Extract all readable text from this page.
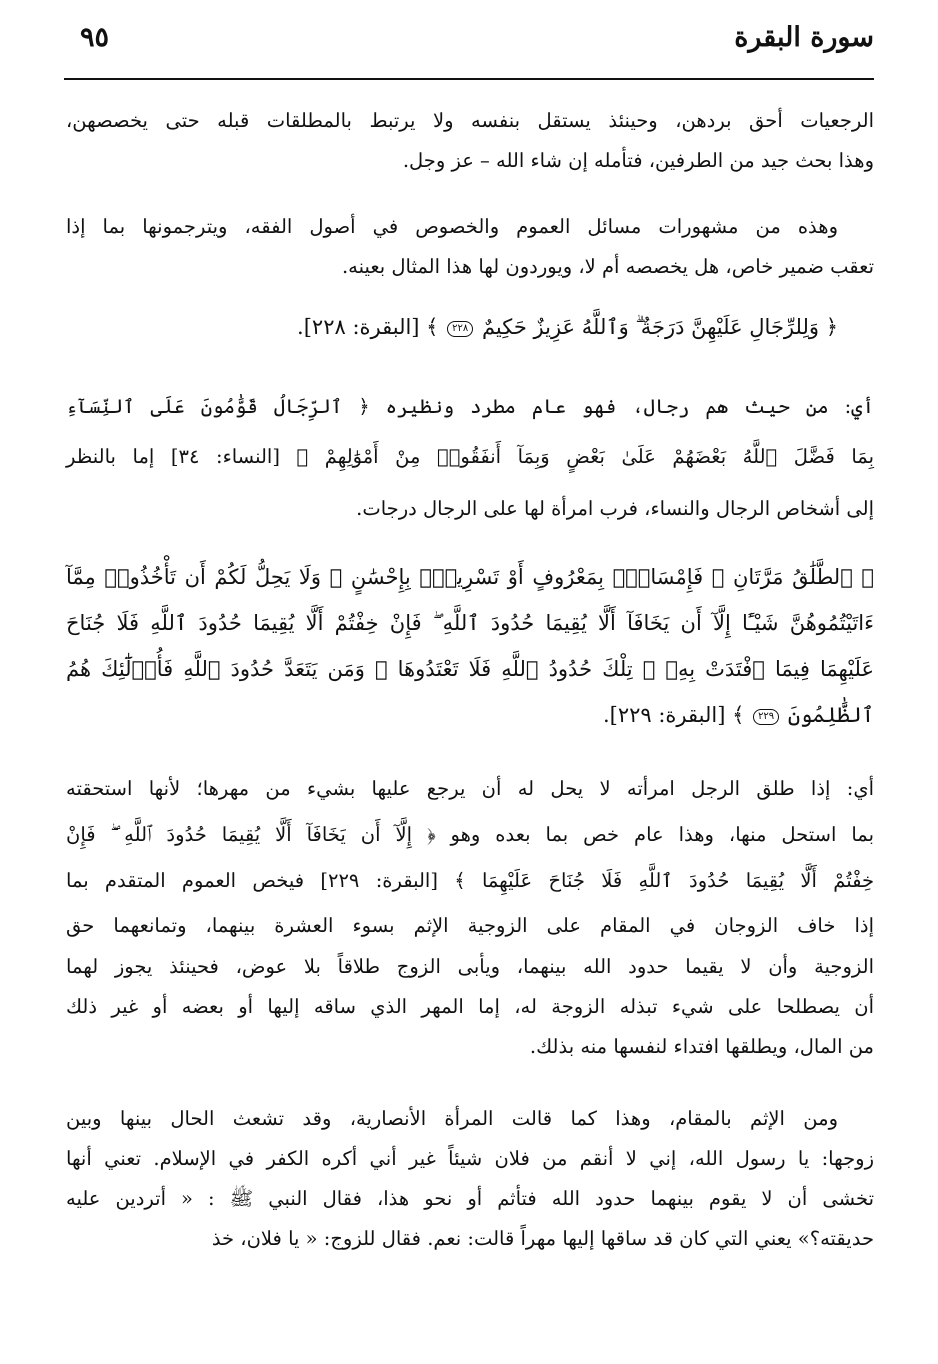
سورة البقرة
٩٥
الرجعيات أحق بردهن، وحينئذ يستقل بنفسه ولا يرتبط بالمطلقات قبله حتى يخصصهن،
وهذا بحث جيد من الطرفين، فتأمله إن شاء الله – عز وجل.
وهذه من مشهورات مسائل العموم والخصوص في أصول الفقه، ويترجمونها بما إذا
تعقب ضمير خاص، هل يخصصه أم لا، ويوردون لها هذا المثال بعينه.
﴿ وَلِلرِّجَالِ عَلَيْهِنَّ دَرَجَةٌ ۗ وَٱللَّهُ عَزِيزٌ حَكِيمٌ ٢٢٨ ﴾ [البقرة: ٢٢٨].
أي: من حيث هم رجال، فهو عام مطرد ونظيره ﴿ ٱلرِّجَالُ قَوَّٰمُونَ عَلَى ٱلنِّسَآءِ
بِمَا فَضَّلَ ٱللَّهُ بَعْضَهُمْ عَلَىٰ بَعْضٍ وَبِمَآ أَنفَقُوا۟ مِنْ أَمْوَٰلِهِمْ ﴾ [النساء: ٣٤] إما بالنظر
إلى أشخاص الرجال والنساء، فرب امرأة لها على الرجال درجات.
﴿ ٱلطَّلَٰقُ مَرَّتَانِ ۖ فَإِمْسَاكٌۢ بِمَعْرُوفٍ أَوْ تَسْرِيحٌۢ بِإِحْسَٰنٍ ۗ وَلَا يَحِلُّ لَكُمْ أَن تَأْخُذُوا۟ مِمَّآ
ءَاتَيْتُمُوهُنَّ شَيْـًٔا إِلَّآ أَن يَخَافَآ أَلَّا يُقِيمَا حُدُودَ ٱللَّهِ ۖ فَإِنْ خِفْتُمْ أَلَّا يُقِيمَا حُدُودَ ٱللَّهِ فَلَا جُنَاحَ
عَلَيْهِمَا فِيمَا ٱفْتَدَتْ بِهِۦ ۗ تِلْكَ حُدُودُ ٱللَّهِ فَلَا تَعْتَدُوهَا ۚ وَمَن يَتَعَدَّ حُدُودَ ٱللَّهِ فَأُو۟لَٰٓئِكَ هُمُ
ٱلظَّٰلِمُونَ ٢٢٩ ﴾ [البقرة: ٢٢٩].
أي: إذا طلق الرجل امرأته لا يحل له أن يرجع عليها بشيء من مهرها؛ لأنها استحقته
بما استحل منها، وهذا عام خص بما بعده وهو ﴿ إِلَّآ أَن يَخَافَآ أَلَّا يُقِيمَا حُدُودَ ٱللَّهِ ۖ فَإِنْ
خِفْتُمْ أَلَّا يُقِيمَا حُدُودَ ٱللَّهِ فَلَا جُنَاحَ عَلَيْهِمَا ﴾ [البقرة: ٢٢٩] فيخص العموم المتقدم بما
إذا خاف الزوجان في المقام على الزوجية الإثم بسوء العشرة بينهما، وتمانعهما حق
الزوجية وأن لا يقيما حدود الله بينهما، ويأبى الزوج طلاقاً بلا عوض، فحينئذ يجوز لهما
أن يصطلحا على شيء تبذله الزوجة له، إما المهر الذي ساقه إليها أو بعضه أو غير ذلك
من المال، ويطلقها افتداء لنفسها منه بذلك.
ومن الإثم بالمقام، وهذا كما قالت المرأة الأنصارية، وقد تشعث الحال بينها وبين
زوجها: يا رسول الله، إني لا أنقم من فلان شيئاً غير أني أكره الكفر في الإسلام. تعني أنها
تخشى أن لا يقوم بينهما حدود الله فتأثم أو نحو هذا، فقال النبي ﷺ : « أتردين عليه
حديقته؟» يعني التي كان قد ساقها إليها مهراً قالت: نعم. فقال للزوج: « يا فلان، خذ
